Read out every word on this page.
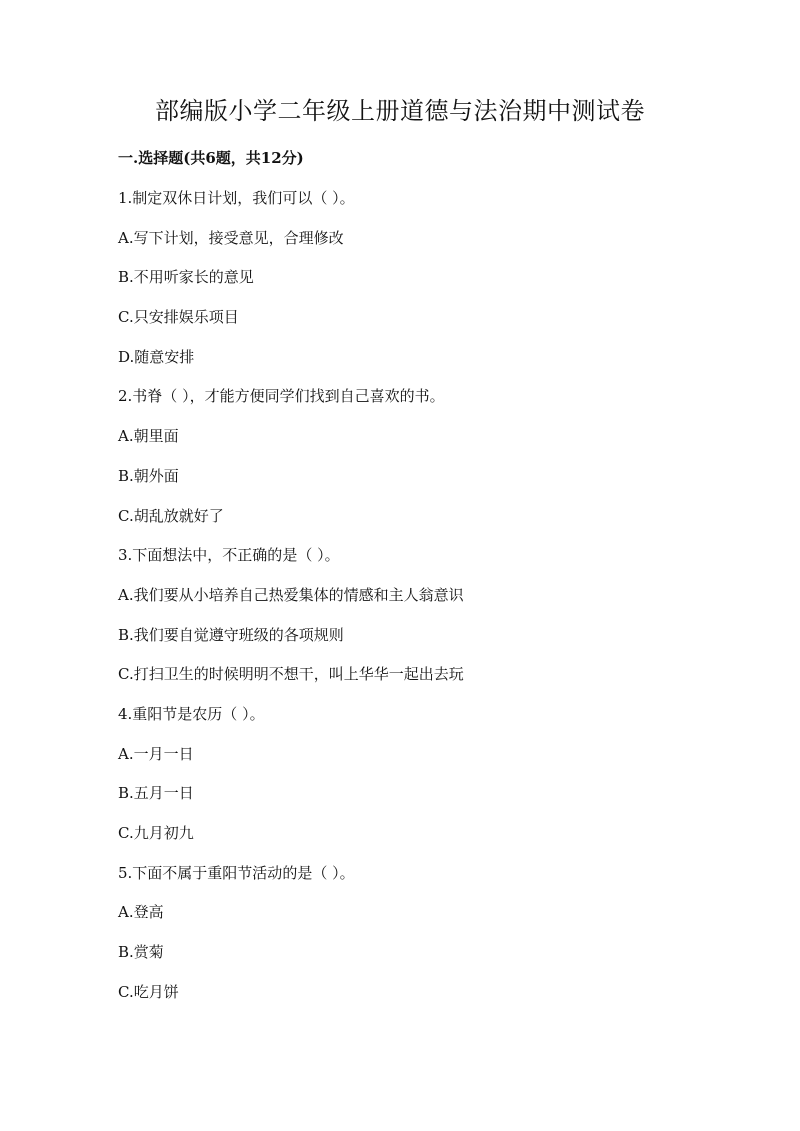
部编版小学二年级上册道德与法治期中测试卷
一.选择题(共6题，共12分)
1.制定双休日计划，我们可以（ ）。
A.写下计划，接受意见，合理修改
B.不用听家长的意见
C.只安排娱乐项目
D.随意安排
2.书脊（ ），才能方便同学们找到自己喜欢的书。
A.朝里面
B.朝外面
C.胡乱放就好了
3.下面想法中，不正确的是（ ）。
A.我们要从小培养自己热爱集体的情感和主人翁意识
B.我们要自觉遵守班级的各项规则
C.打扫卫生的时候明明不想干，叫上华华一起出去玩
4.重阳节是农历（ ）。
A.一月一日
B.五月一日
C.九月初九
5.下面不属于重阳节活动的是（ ）。
A.登高
B.赏菊
C.吃月饼
